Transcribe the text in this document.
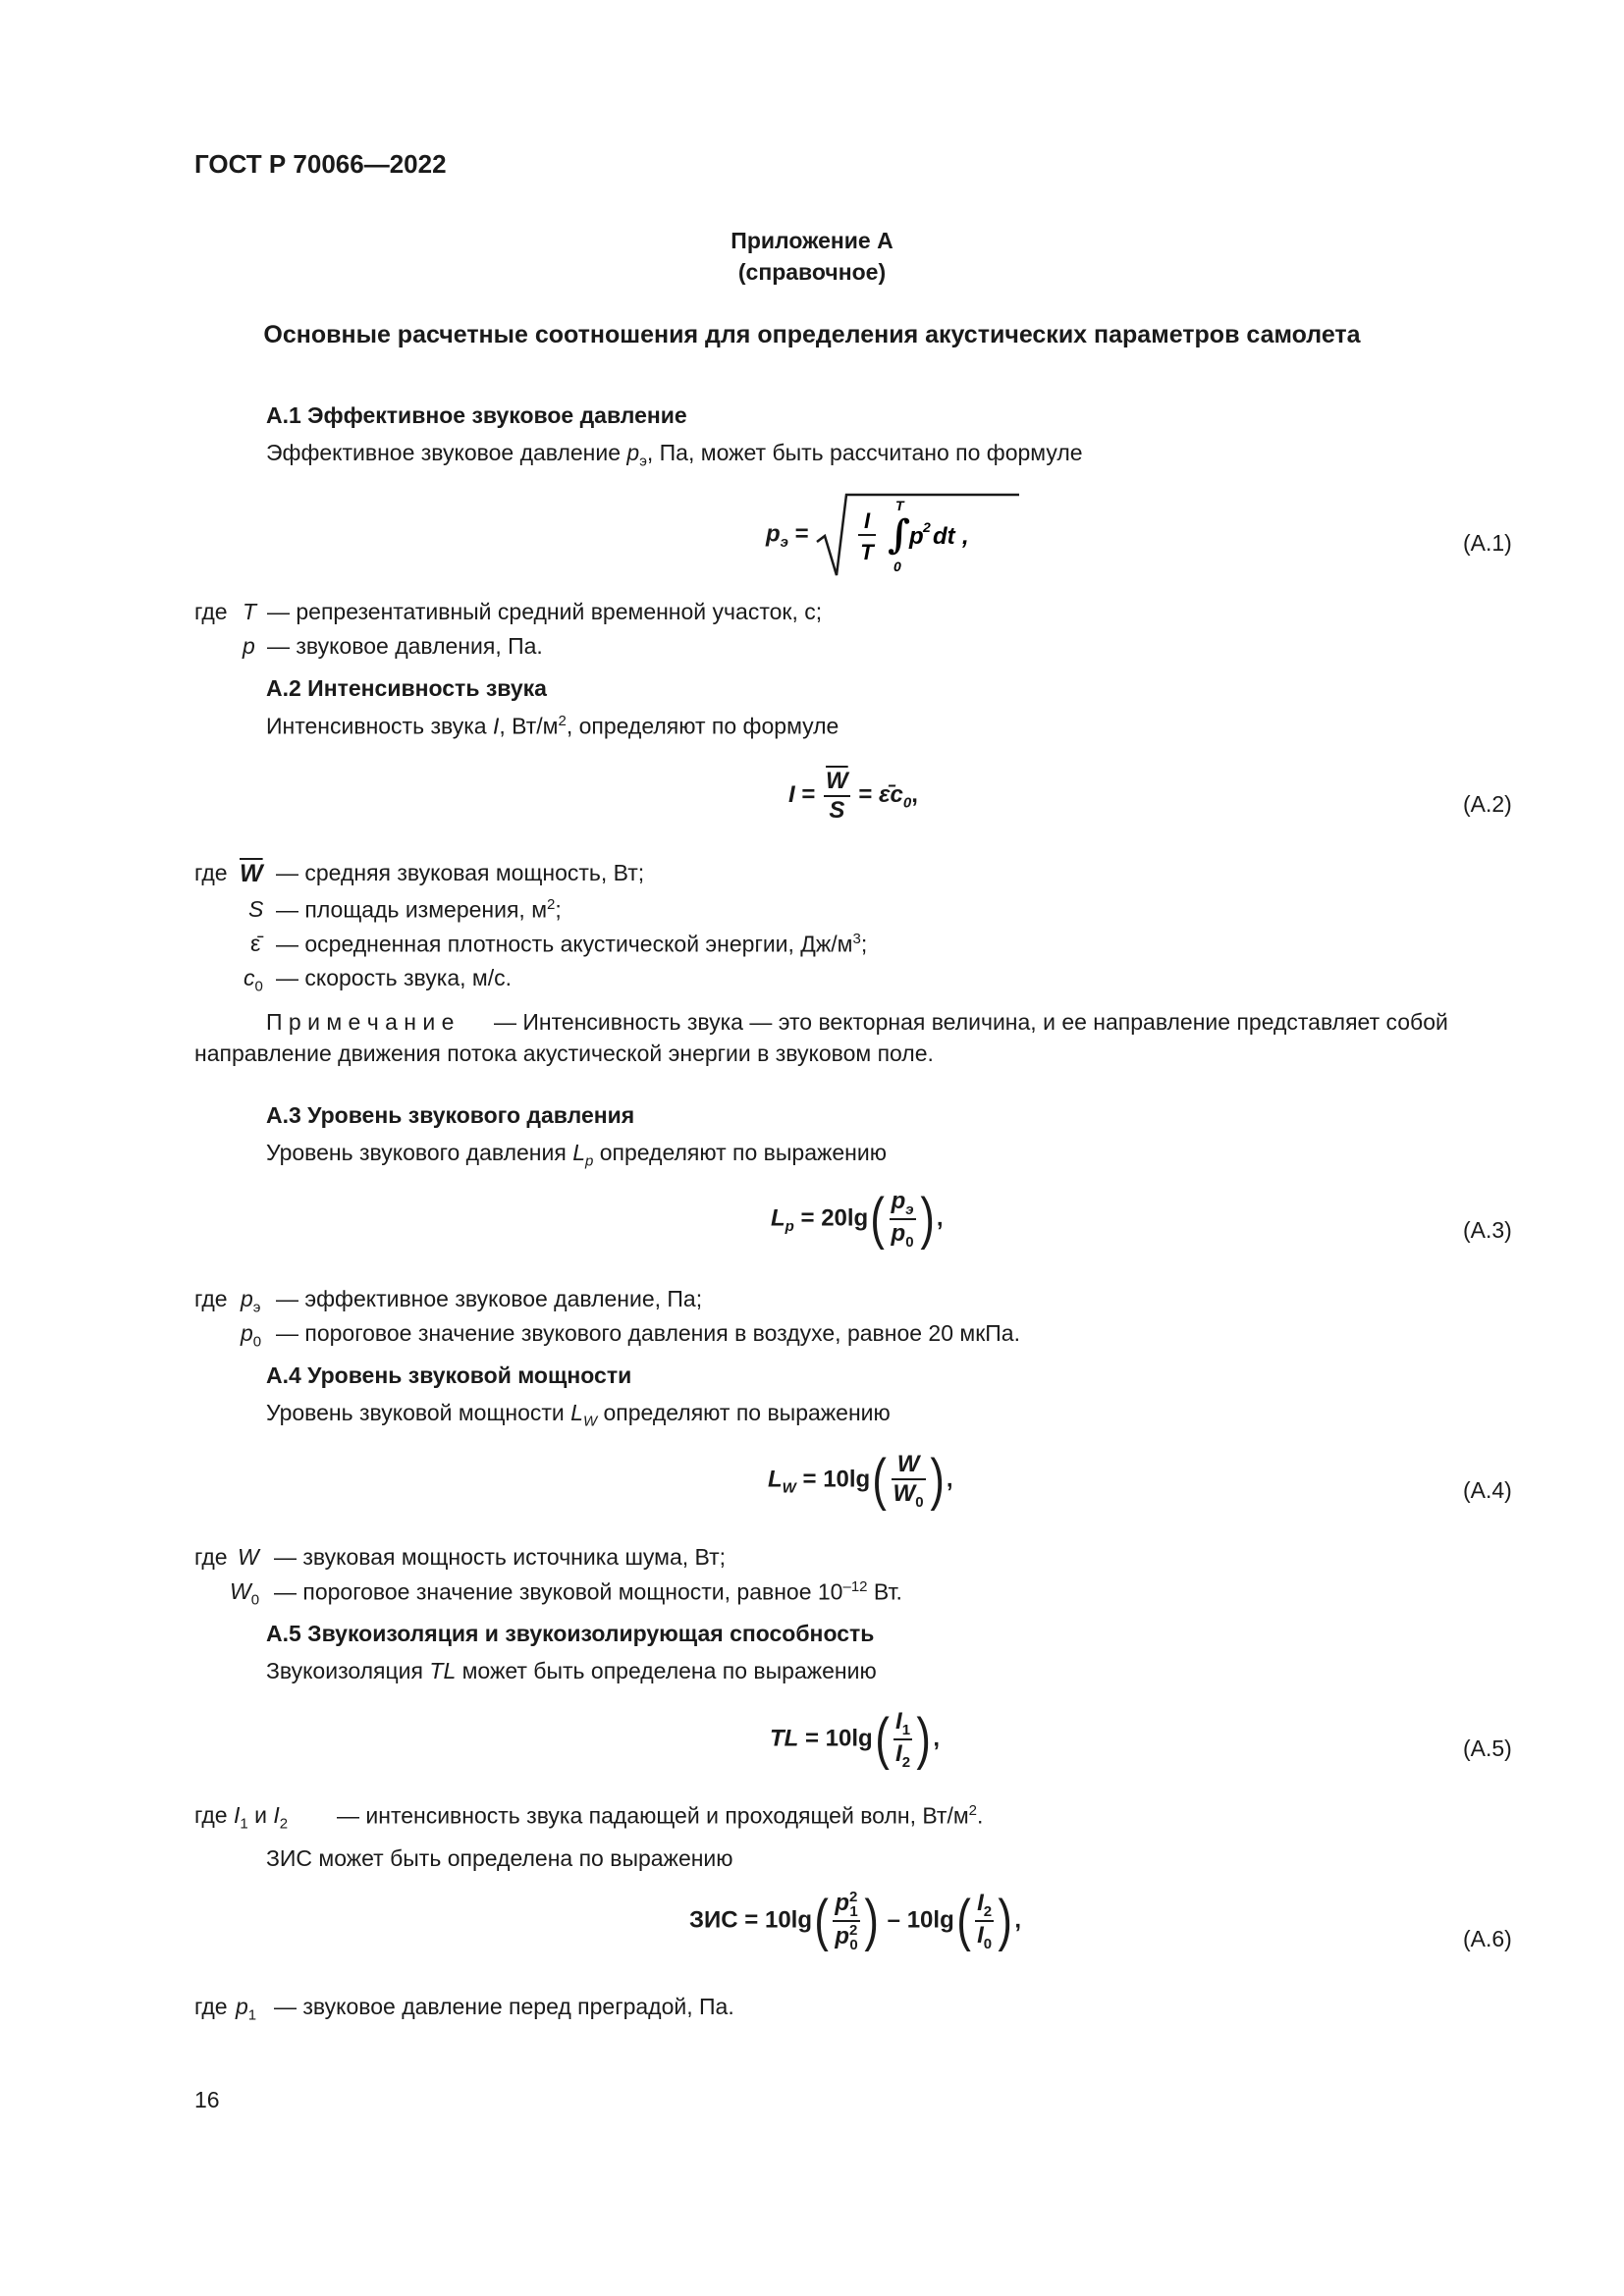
ГОСТ Р 70066—2022
Приложение А
(справочное)
Основные расчетные соотношения для определения акустических параметров самолета
А.1 Эффективное звуковое давление
Эффективное звуковое давление $p_э$, Па, может быть рассчитано по формуле
$p_э = I$
T ∫
T
0
p 2 dt ,	(А.1)
где T — репрезентативный средний временной участок, с;
p — звуковое давления, Па.
А.2 Интенсивность звука
Интенсивность звука I, $Вт/м^2$, определяют по формуле
$I = \frac{\overline{W}}{S}$ = $\varepsilon̄c_0$,	(А.2)
где $\overline{W}$ — средняя звуковая мощность, Вт;
S — площадь измерения, $м^2$;
ε̄ — осредненная плотность акустической энергии, $Дж/м^3$;
$c_0$ — скорость звука, м/с.
П р и м е ч а н и е — Интенсивность звука — это векторная величина, и ее направление представляет собой
направление движения потока акустической энергии в звуковом поле.
А.3 Уровень звукового давления
Уровень звукового давления $L_p$ определяют по выражению
$L_p = 20\lg( \frac{p_э}{p_0}$ ) ,	(А.3)
где $p_э$ — эффективное звуковое давление, Па;
$p_0$ — пороговое значение звукового давления в воздухе, равное 20 мкПа.
А.4 Уровень звуковой мощности
Уровень звуковой мощности $L_W$ определяют по выражению
$L_W = 10\lg( \frac{W}{W_0}$ ) ,	(А.4)
где W — звуковая мощность источника шума, Вт;
$W_0$ — пороговое значение звуковой мощности, равное $10^{-12}$ Вт.
А.5 Звукоизоляция и звукоизолирующая способность
Звукоизоляция TL может быть определена по выражению
TL = $10\lg( \frac{I_1}{I_2}$ ) ,	(А.5)
где $I_1$ и $I_2$ — интенсивность звука падающей и проходящей волн, $Вт/м^2$.
ЗИС может быть определена по выражению
ЗИС = $10\lg( \frac{p^2_1}{p^2_0}$ ) – $10\lg( \frac{I_2}{I_0}$ ) ,
(А.6)
где $p_1$ — звуковое давление перед преградой, Па.
16
